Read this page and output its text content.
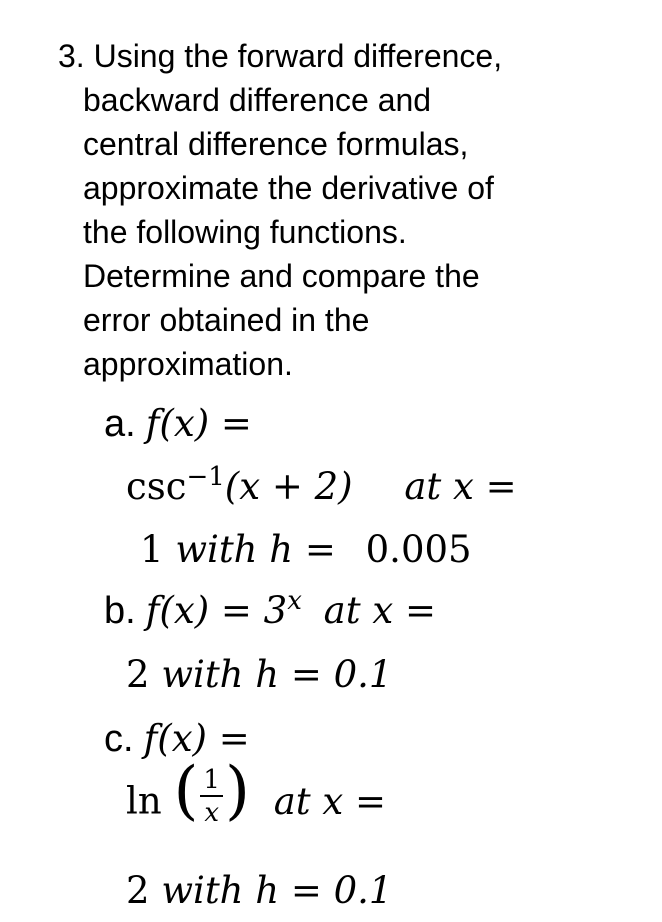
3. Using the forward difference,
backward difference and
central difference formulas,
approximate the derivative of
the following functions.
Determine and compare the
error obtained in the
approximation.
a. f(x) =
$\csc^{-1}(x + 2)$ at x =
1 with h = 0.005
b. $f(x) = 3^x$ at x =
2 with h = 0.1
c. f(x) =
ln ( $\frac{1}{x}$ ) at x =
2 with h = 0.1
